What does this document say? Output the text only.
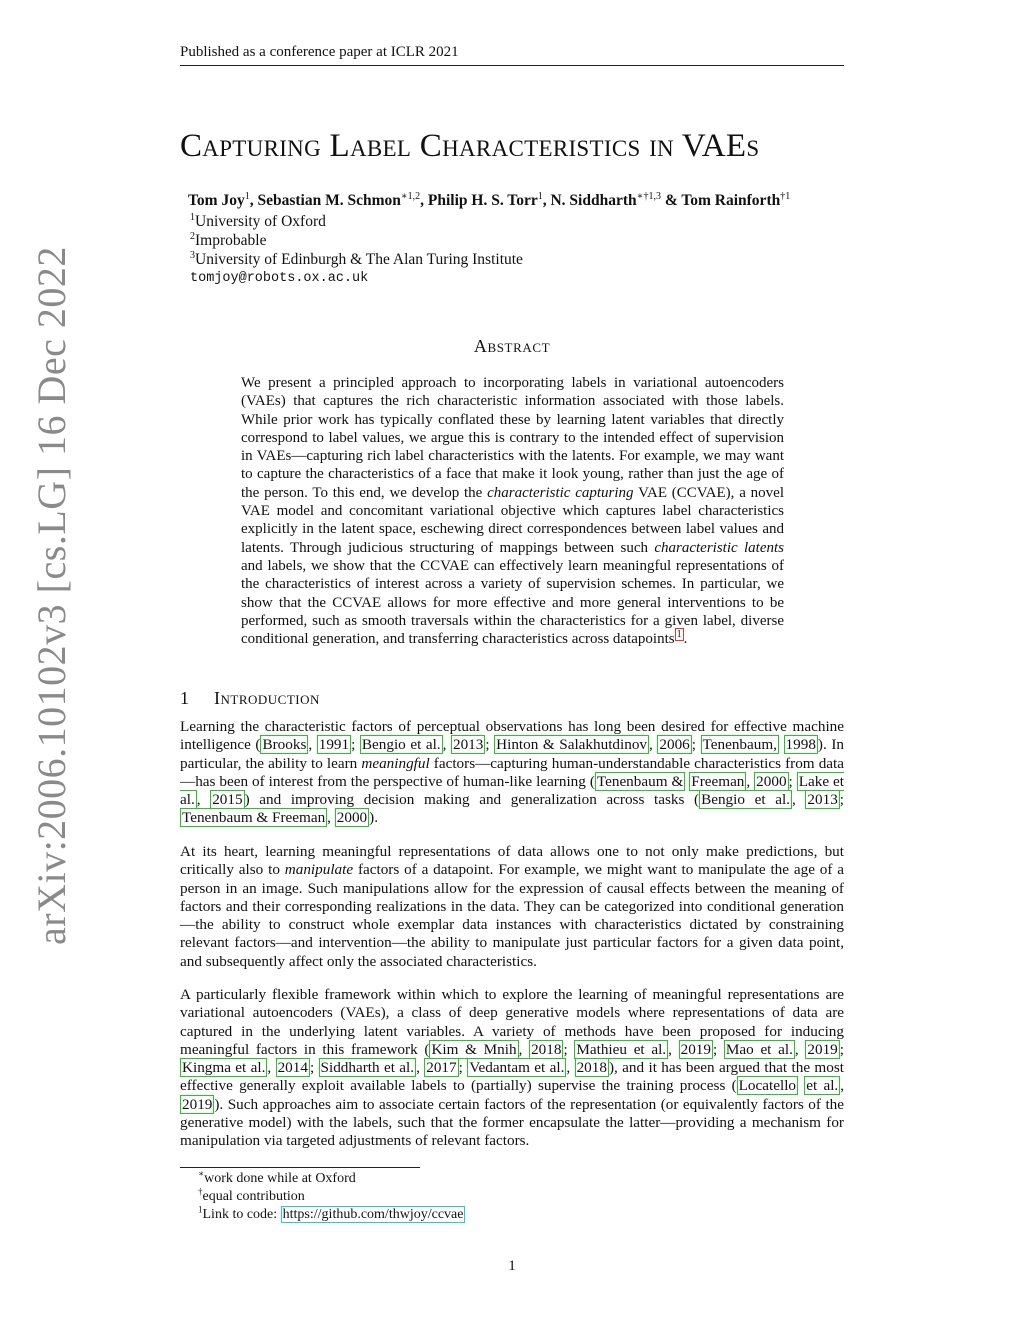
Published as a conference paper at ICLR 2021
arXiv:2006.10102v3 [cs.LG] 16 Dec 2022
Capturing Label Characteristics in VAEs
Tom Joy$^1$, Sebastian M. Schmon$^{∗1,2}$, Philip H. S. Torr$^1$, N. Siddharth$^{∗\dagger 1,3}$ & Tom Rainforth$^{\dagger 1}$
$^1$University of Oxford
$^2$Improbable
$^3$University of Edinburgh & The Alan Turing Institute
tomjoy@robots.ox.ac.uk
Abstract
We present a principled approach to incorporating labels in variational autoencoders (VAEs) that captures the rich characteristic information associated with those labels. While prior work has typically conflated these by learning latent variables that directly correspond to label values, we argue this is contrary to the intended effect of supervision in VAEs—capturing rich label characteristics with the latents. For example, we may want to capture the characteristics of a face that make it look young, rather than just the age of the person. To this end, we develop the characteristic capturing VAE (CCVAE), a novel VAE model and concomitant variational objective which captures label characteristics explicitly in the latent space, eschewing direct correspondences between label values and latents. Through judicious structuring of mappings between such characteristic latents and labels, we show that the CCVAE can effectively learn meaningful representations of the characteristics of interest across a variety of supervision schemes. In particular, we show that the CCVAE allows for more effective and more general interventions to be performed, such as smooth traversals within the characteristics for a given label, diverse conditional generation, and transferring characteristics across datapoints $^1$ .
1 Introduction
Learning the characteristic factors of perceptual observations has long been desired for effective machine intelligence ( Brooks , 1991 ; Bengio et al. , 2013 ; Hinton & Salakhutdinov , 2006 ; Tenenbaum, 1998 ). In particular, the ability to learn meaningful factors—capturing human-understandable characteristics from data—has been of interest from the perspective of human-like learning ( Tenenbaum & Freeman , 2000 ; Lake et al. , 2015 ) and improving decision making and generalization across tasks ( Bengio et al. , 2013 ; Tenenbaum & Freeman , 2000 ).
At its heart, learning meaningful representations of data allows one to not only make predictions, but critically also to manipulate factors of a datapoint. For example, we might want to manipulate the age of a person in an image. Such manipulations allow for the expression of causal effects between the meaning of factors and their corresponding realizations in the data. They can be categorized into conditional generation—the ability to construct whole exemplar data instances with characteristics dictated by constraining relevant factors—and intervention—the ability to manipulate just particular factors for a given data point, and subsequently affect only the associated characteristics.
A particularly flexible framework within which to explore the learning of meaningful representations are variational autoencoders (VAEs), a class of deep generative models where representations of data are captured in the underlying latent variables. A variety of methods have been proposed for inducing meaningful factors in this framework ( Kim & Mnih , 2018 ; Mathieu et al. , 2019 ; Mao et al. , 2019 ; Kingma et al. , 2014 ; Siddharth et al. , 2017 ; Vedantam et al. , 2018 ), and it has been argued that the most effective generally exploit available labels to (partially) supervise the training process ( Locatello et al. , 2019 ). Such approaches aim to associate certain factors of the representation (or equivalently factors of the generative model) with the labels, such that the former encapsulate the latter—providing a mechanism for manipulation via targeted adjustments of relevant factors.
∗work done while at Oxford
†equal contribution
$^1$Link to code: https://github.com/thwjoy/ccvae
1
